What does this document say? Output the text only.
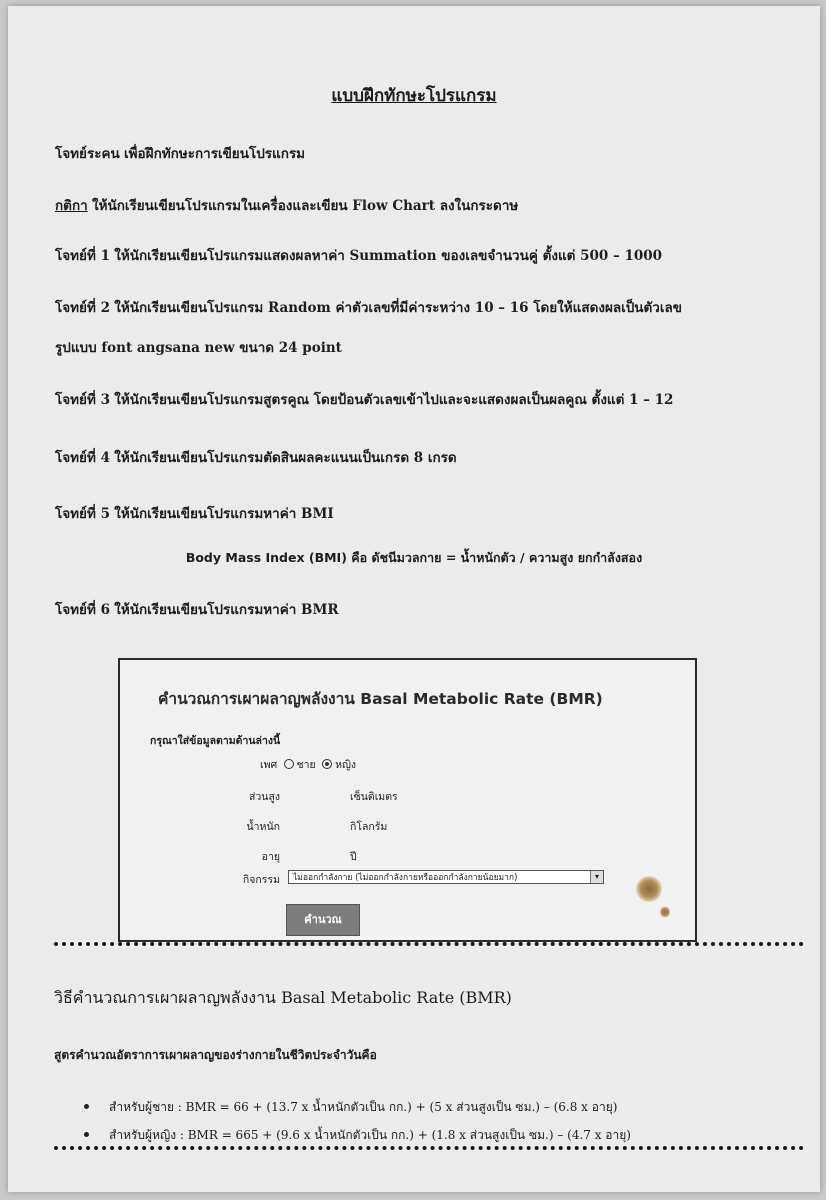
แบบฝึกทักษะโปรแกรม
โจทย์ระคน เพื่อฝึกทักษะการเขียนโปรแกรม
กติกา ให้นักเรียนเขียนโปรแกรมในเครื่องและเขียน Flow Chart ลงในกระดาษ
โจทย์ที่ 1 ให้นักเรียนเขียนโปรแกรมแสดงผลหาค่า Summation ของเลขจำนวนคู่ ตั้งแต่ 500 – 1000
โจทย์ที่ 2 ให้นักเรียนเขียนโปรแกรม Random ค่าตัวเลขที่มีค่าระหว่าง 10 – 16 โดยให้แสดงผลเป็นตัวเลข
รูปแบบ font angsana new ขนาด 24 point
โจทย์ที่ 3 ให้นักเรียนเขียนโปรแกรมสูตรคูณ โดยป้อนตัวเลขเข้าไปและจะแสดงผลเป็นผลคูณ ตั้งแต่ 1 – 12
โจทย์ที่ 4 ให้นักเรียนเขียนโปรแกรมตัดสินผลคะแนนเป็นเกรด 8 เกรด
โจทย์ที่ 5 ให้นักเรียนเขียนโปรแกรมหาค่า BMI
Body Mass Index (BMI) คือ ดัชนีมวลกาย = น้ำหนักตัว / ความสูง ยกกำลังสอง
โจทย์ที่ 6 ให้นักเรียนเขียนโปรแกรมหาค่า BMR
คำนวณการเผาผลาญพลังงาน Basal Metabolic Rate (BMR)
กรุณาใส่ข้อมูลตามด้านล่างนี้
เพศ ชาย หญิง
ส่วนสูง	เซ็นติเมตร
น้ำหนัก	กิโลกรัม
อายุ	ปี
กิจกรรม	ไม่ออกกำลังกาย (ไม่ออกกำลังกายหรือออกกำลังกายน้อยมาก)	▾
คำนวณ
วิธีคำนวณการเผาผลาญพลังงาน Basal Metabolic Rate (BMR)
สูตรคำนวณอัตราการเผาผลาญของร่างกายในชีวิตประจำวันคือ
สำหรับผู้ชาย : BMR = 66 + (13.7 x น้ำหนักตัวเป็น กก.) + (5 x ส่วนสูงเป็น ซม.) – (6.8 x อายุ)
สำหรับผู้หญิง : BMR = 665 + (9.6 x น้ำหนักตัวเป็น กก.) + (1.8 x ส่วนสูงเป็น ซม.) – (4.7 x อายุ)
